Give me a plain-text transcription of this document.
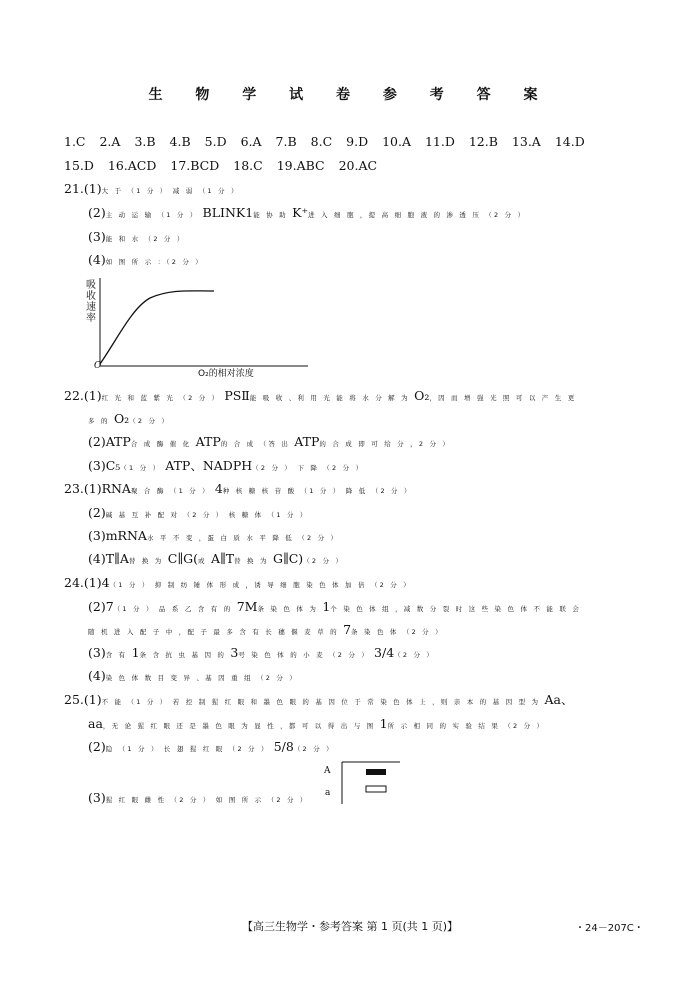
生 物 学 试 卷 参 考 答 案
1.C 2.A 3.B 4.B 5.D 6.A 7.B 8.C 9.D 10.A 11.D 12.B 13.A 14.D
15.D 16.ACD 17.BCD 18.C 19.ABC 20.AC
21.(1)大 于 （1 分 ） 减 弱 （1 分 ）
(2)主 动 运 输 （1 分 ） BLINK1能 协 助 K⁺进 入 细 胞 ，提 高 细 胞 液 的 渗 透 压 （2 分 ）
(3)能 和 水 （2 分 ）
(4)如 图 所 示 ：（2 分 ）
吸收速率
O
O₂的相对浓度
22.(1)红 光 和 蓝 紫 光 （2 分 ） PSⅡ能 吸 收 、利 用 光 能 将 水 分 解 为 O₂，因 而 增 强 光 照 可 以 产 生 更
多 的 O₂（2 分 ）
(2)ATP合 成 酶 催 化 ATP的 合 成 （答 出 ATP的 合 成 即 可 给 分 ，2 分 ）
(3)C₅（1 分 ） ATP、NADPH（2 分 ） 下 降 （2 分 ）
23.(1)RNA聚 合 酶 （1 分 ） 4种 核 糖 核 苷 酸 （1 分 ） 降 低 （2 分 ）
(2)碱 基 互 补 配 对 （2 分 ） 核 糖 体 （1 分 ）
(3)mRNA水 平 不 变 ，蛋 白 质 水 平 降 低 （2 分 ）
(4)T∥A替 换 为 C∥G(或 A∥T替 换 为 G∥C)（2 分 ）
24.(1)4（1 分 ） 抑 制 纺 锤 体 形 成 ，诱 导 细 胞 染 色 体 加 倍 （2 分 ）
(2)7（1 分 ） 品 系 乙 含 有 的 7M条 染 色 体 为 1个 染 色 体 组 ，减 数 分 裂 时 这 些 染 色 体 不 能 联 会
随 机 进 入 配 子 中 ，配 子 最 多 含 有 长 穗 偃 麦 草 的 7条 染 色 体 （2 分 ）
(3)含 有 1条 含 抗 虫 基 因 的 3号 染 色 体 的 小 麦 （2 分 ） 3/4（2 分 ）
(4)染 色 体 数 目 变 异 、基 因 重 组 （2 分 ）
25.(1)不 能 （1 分 ） 若 控 制 猩 红 眼 和 墨 色 眼 的 基 因 位 于 常 染 色 体 上 ，则 亲 本 的 基 因 型 为 Aa、
aa，无 论 猩 红 眼 还 是 墨 色 眼 为 显 性 ，都 可 以 得 出 与 图 1所 示 相 同 的 实 验 结 果 （2 分 ）
(2)隐 （1 分 ） 长 翅 猩 红 眼 （2 分 ） 5/8（2 分 ）
(3)猩 红 眼 雌 性 （2 分 ） 如 图 所 示 （2 分 ）
A
a
【高三生物学・参考答案 第 1 页(共 1 页)】	・24－207C・
